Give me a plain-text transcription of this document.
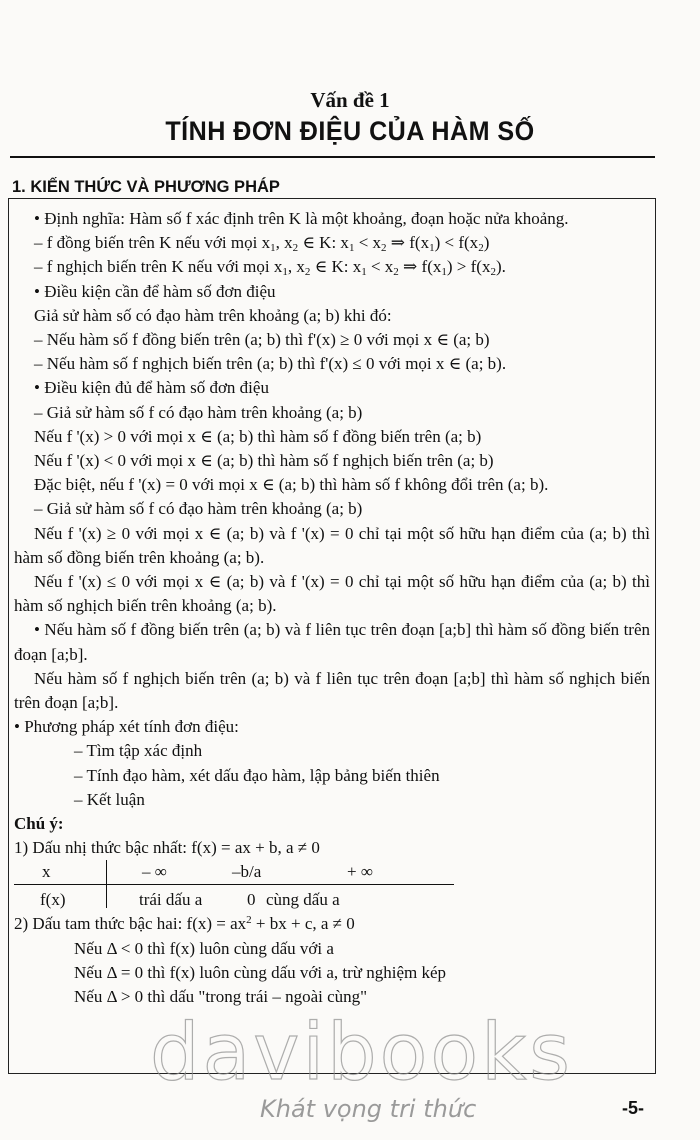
Vấn đề 1
TÍNH ĐƠN ĐIỆU CỦA HÀM SỐ
1. KIẾN THỨC VÀ PHƯƠNG PHÁP

• Định nghĩa: Hàm số f xác định trên K là một khoảng, đoạn hoặc nửa khoảng.

– f đồng biến trên K nếu với mọi $x_1$, $x_2$ ∈ K: $x_1 < x_2$ ⇒ $f(x_1) < f(x_2)$

– f nghịch biến trên K nếu với mọi $x_1$, $x_2$ ∈ K: $x_1 < x_2$ ⇒ $f(x_1) > f(x_2)$.

• Điều kiện cần để hàm số đơn điệu

Giả sử hàm số có đạo hàm trên khoảng (a; b) khi đó:

– Nếu hàm số f đồng biến trên (a; b) thì f'(x) ≥ 0 với mọi x ∈ (a; b)

– Nếu hàm số f nghịch biến trên (a; b) thì f'(x) ≤ 0 với mọi x ∈ (a; b).

• Điều kiện đủ để hàm số đơn điệu

– Giả sử hàm số f có đạo hàm trên khoảng (a; b)

Nếu f '(x) > 0 với mọi x ∈ (a; b) thì hàm số f đồng biến trên (a; b)

Nếu f '(x) < 0 với mọi x ∈ (a; b) thì hàm số f nghịch biến trên (a; b)

Đặc biệt, nếu f '(x) = 0 với mọi x ∈ (a; b) thì hàm số f không đổi trên (a; b).

– Giả sử hàm số f có đạo hàm trên khoảng (a; b)

Nếu f '(x) ≥ 0 với mọi x ∈ (a; b) và f '(x) = 0 chỉ tại một số hữu hạn điểm của (a; b) thì hàm số đồng biến trên khoảng (a; b).

Nếu f '(x) ≤ 0 với mọi x ∈ (a; b) và f '(x) = 0 chỉ tại một số hữu hạn điểm của (a; b) thì hàm số nghịch biến trên khoảng (a; b).

• Nếu hàm số f đồng biến trên (a; b) và f liên tục trên đoạn [a;b] thì hàm số đồng biến trên đoạn [a;b].

Nếu hàm số f nghịch biến trên (a; b) và f liên tục trên đoạn [a;b] thì hàm số nghịch biến trên đoạn [a;b].

• Phương pháp xét tính đơn điệu:

– Tìm tập xác định

– Tính đạo hàm, xét dấu đạo hàm, lập bảng biến thiên

– Kết luận

Chú ý:

1) Dấu nhị thức bậc nhất: f(x) = ax + b, a ≠ 0

x	– ∞	–b/a	+ ∞
f(x)	trái dấu a	0 cùng dấu a

2) Dấu tam thức bậc hai: $f(x) = ax^2$ + bx + c, a ≠ 0

Nếu Δ < 0 thì f(x) luôn cùng dấu với a

Nếu Δ = 0 thì f(x) luôn cùng dấu với a, trừ nghiệm kép

Nếu Δ > 0 thì dấu "trong trái – ngoài cùng"

davibooks
Khát vọng tri thức	-5-
